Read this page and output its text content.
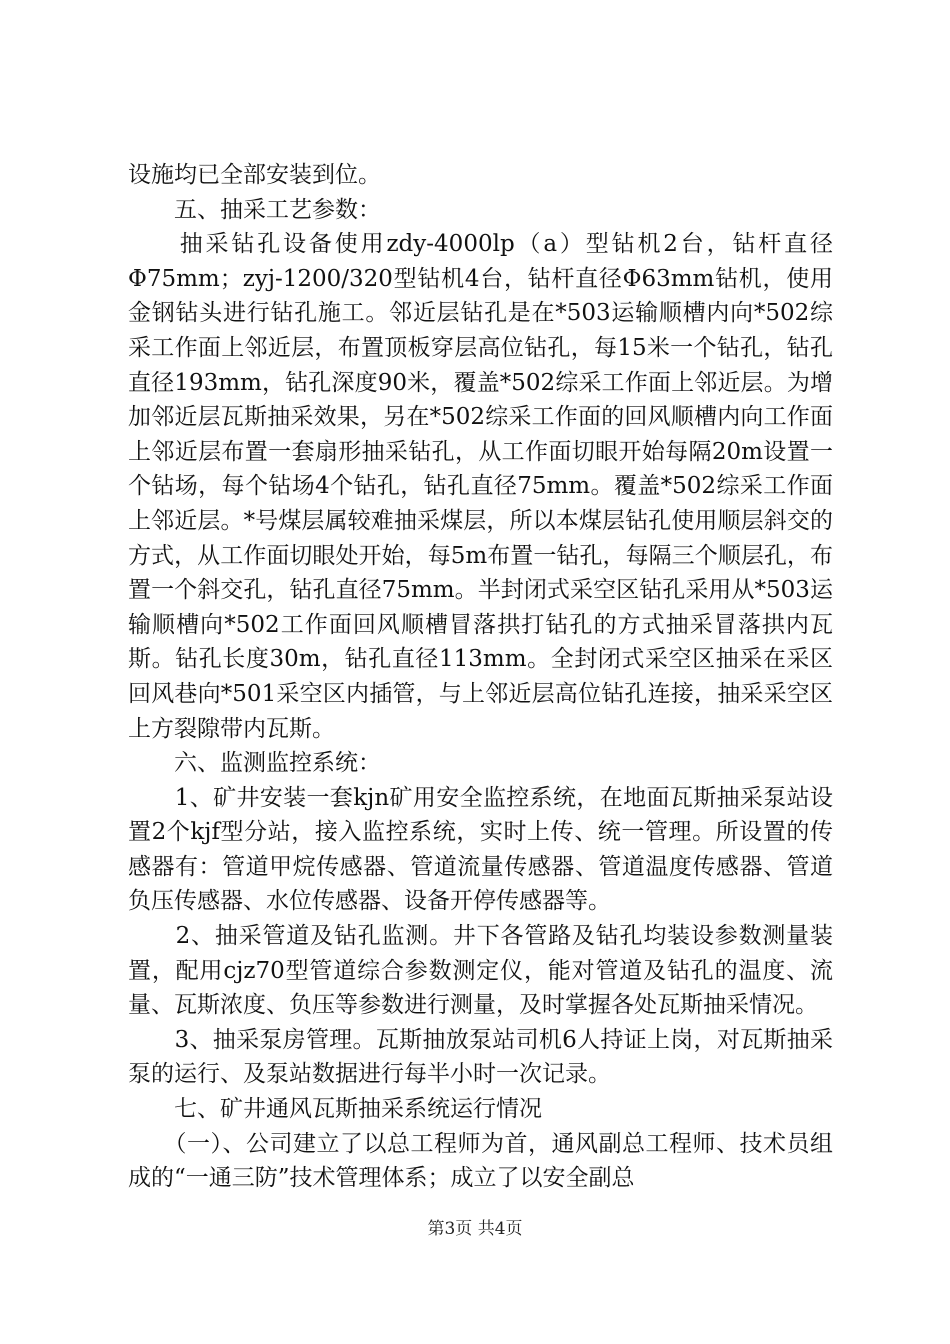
设施均已全部安装到位。

　　五、抽采工艺参数：

　　抽采钻孔设备使用zdy-4000lp（a）型钻机2台，钻杆直径Φ75mm；zyj-1200/320型钻机4台，钻杆直径Φ63mm钻机，使用金钢钻头进行钻孔施工。邻近层钻孔是在*503运输顺槽内向*502综采工作面上邻近层，布置顶板穿层高位钻孔，每15米一个钻孔，钻孔直径193mm，钻孔深度90米，覆盖*502综采工作面上邻近层。为增加邻近层瓦斯抽采效果，另在*502综采工作面的回风顺槽内向工作面上邻近层布置一套扇形抽采钻孔，从工作面切眼开始每隔20m设置一个钻场，每个钻场4个钻孔，钻孔直径75mm。覆盖*502综采工作面上邻近层。*号煤层属较难抽采煤层，所以本煤层钻孔使用顺层斜交的方式，从工作面切眼处开始，每5m布置一钻孔，每隔三个顺层孔，布置一个斜交孔，钻孔直径75mm。半封闭式采空区钻孔采用从*503运输顺槽向*502工作面回风顺槽冒落拱打钻孔的方式抽采冒落拱内瓦斯。钻孔长度30m，钻孔直径113mm。全封闭式采空区抽采在采区回风巷向*501采空区内插管，与上邻近层高位钻孔连接，抽采采空区上方裂隙带内瓦斯。

　　六、监测监控系统：

　　1、矿井安装一套kjn矿用安全监控系统，在地面瓦斯抽采泵站设置2个kjf型分站，接入监控系统，实时上传、统一管理。所设置的传感器有：管道甲烷传感器、管道流量传感器、管道温度传感器、管道负压传感器、水位传感器、设备开停传感器等。

　　2、抽采管道及钻孔监测。井下各管路及钻孔均装设参数测量装置，配用cjz70型管道综合参数测定仪，能对管道及钻孔的温度、流量、瓦斯浓度、负压等参数进行测量，及时掌握各处瓦斯抽采情况。

　　3、抽采泵房管理。瓦斯抽放泵站司机6人持证上岗，对瓦斯抽采泵的运行、及泵站数据进行每半小时一次记录。

　　七、矿井通风瓦斯抽采系统运行情况

　　（一）、公司建立了以总工程师为首，通风副总工程师、技术员组成的“一通三防”技术管理体系；成立了以安全副总

第3页 共4页
